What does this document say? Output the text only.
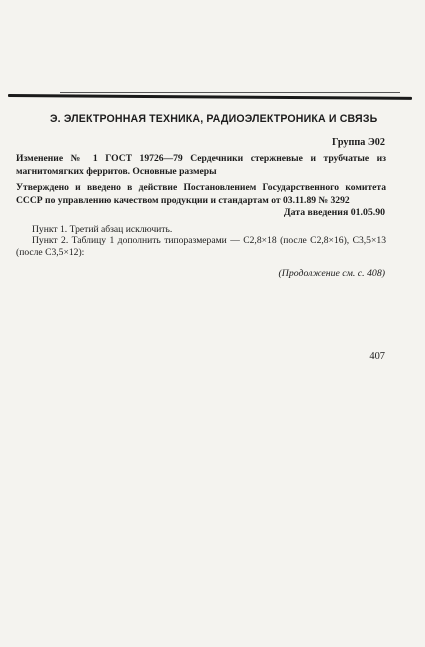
Э. ЭЛЕКТРОННАЯ ТЕХНИКА, РАДИОЭЛЕКТРОНИКА И СВЯЗЬ
Группа Э02
Изменение № 1 ГОСТ 19726—79 Сердечники стержневые и трубчатые из магнитомягких ферритов. Основные размеры
Утверждено и введено в действие Постановлением Государственного комитета СССР по управлению качеством продукции и стандартам от 03.11.89 № 3292
Дата введения 01.05.90
Пункт 1. Третий абзац исключить.
Пункт 2. Таблицу 1 дополнить типоразмерами — С2,8×18 (после С2,8×16), С3,5×13 (после С3,5×12):
(Продолжение см. с. 408)
407
